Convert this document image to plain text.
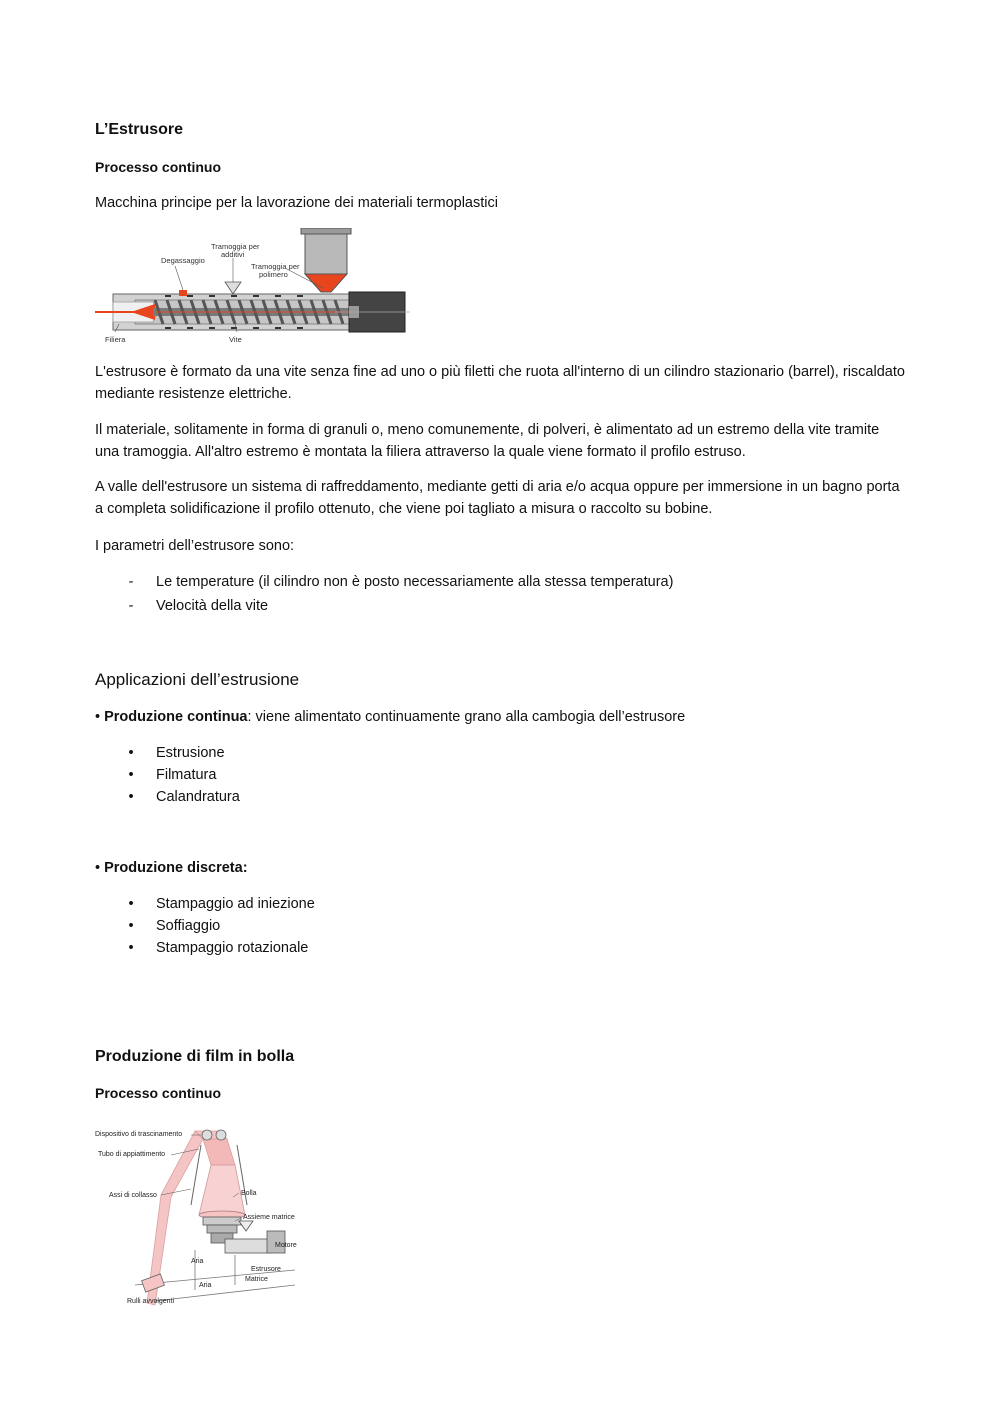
L’Estrusore
Processo continuo
Macchina principe per la lavorazione dei materiali termoplastici
Degassaggio
Tramoggia per
additivi
Tramoggia per
polimero
Filiera	Vite
L'estrusore è formato da una vite senza fine ad uno o più filetti che ruota all'interno di un cilindro stazionario (barrel), riscaldato mediante resistenze elettriche.
Il materiale, solitamente in forma di granuli o, meno comunemente, di polveri, è alimentato ad un estremo della vite tramite una tramoggia. All'altro estremo è montata la filiera attraverso la quale viene formato il profilo estruso.
A valle dell'estrusore un sistema di raffreddamento, mediante getti di aria e/o acqua oppure per immersione in un bagno porta a completa solidificazione il profilo ottenuto, che viene poi tagliato a misura o raccolto su bobine.
I parametri dell’estrusore sono:
-	Le temperature (il cilindro non è posto necessariamente alla stessa temperatura)
-	Velocità della vite
Applicazioni dell’estrusione
• Produzione continua: viene alimentato continuamente grano alla cambogia dell’estrusore
•	Estrusione
•	Filmatura
•	Calandratura
• Produzione discreta:
•	Stampaggio ad iniezione
•	Soffiaggio
•	Stampaggio rotazionale
Produzione di film in bolla
Processo continuo
Dispositivo di trascinamento
Tubo di appiattimento
Assi di collasso	Bolla
Assieme matrice
Motore
Aria
Estrusore
Matrice
Aria
Rulli avvolgenti
